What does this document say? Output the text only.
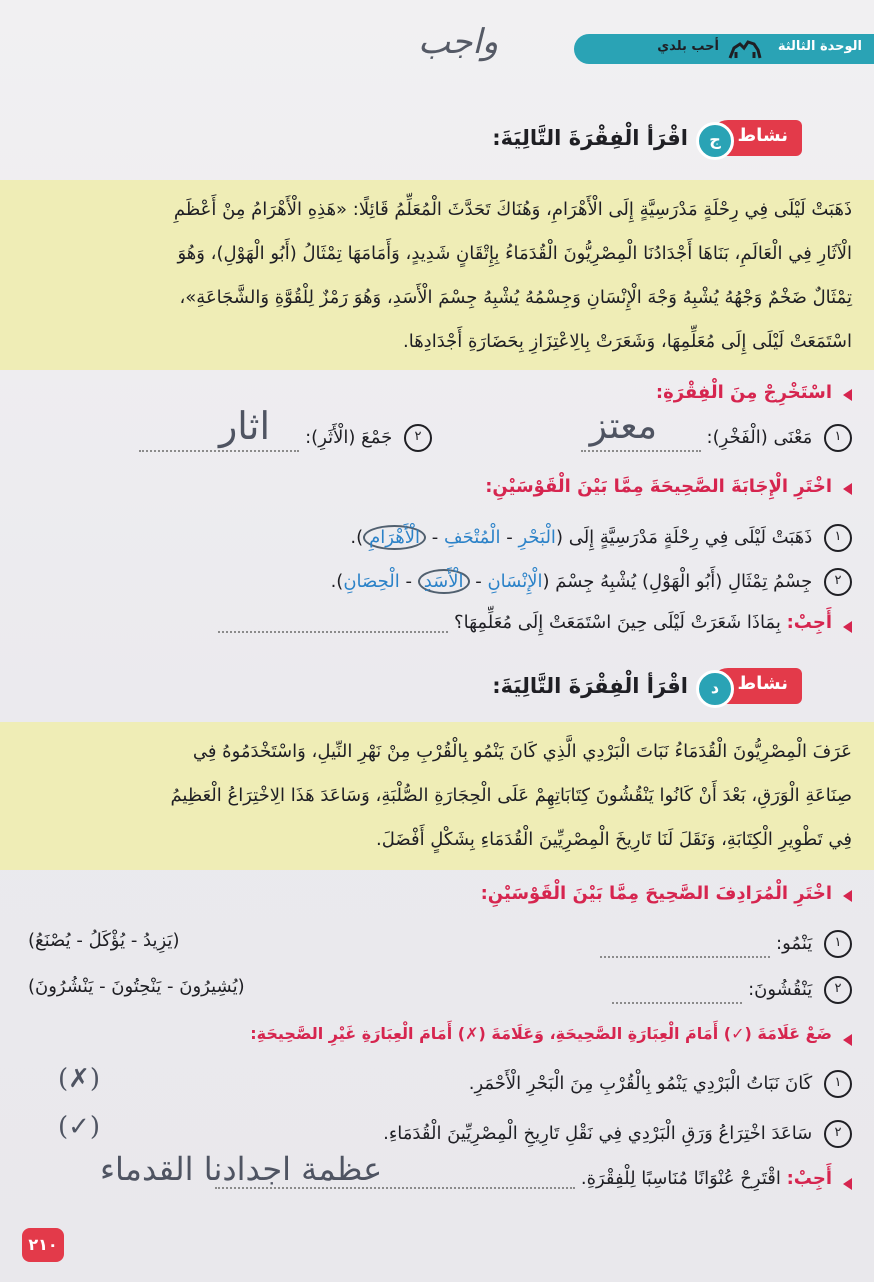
الوحدة الثالثة
أحب بلدي
واجب
نشاط
ج
اقْرَأ الْفِقْرَةَ التَّالِيَةَ:

ذَهَبَتْ لَيْلَى فِي رِحْلَةٍ مَدْرَسِيَّةٍ إِلَى الْأَهْرَامِ، وَهُنَاكَ تَحَدَّثَ الْمُعَلِّمُ قَائِلًا: «هَذِهِ الْأَهْرَامُ مِنْ أَعْظَمِ

الْآثَارِ فِي الْعَالَمِ، بَنَاهَا أَجْدَادُنَا الْمِصْرِيُّونَ الْقُدَمَاءُ بِإِتْقَانٍ شَدِيدٍ، وَأَمَامَهَا تِمْثَالُ (أَبُو الْهَوْلِ)، وَهُوَ

تِمْثَالٌ ضَخْمٌ وَجْهُهُ يُشْبِهُ وَجْهَ الْإِنْسَانِ وَجِسْمُهُ يُشْبِهُ جِسْمَ الْأَسَدِ، وَهُوَ رَمْزٌ لِلْقُوَّةِ وَالشَّجَاعَةِ»،

اسْتَمَعَتْ لَيْلَى إِلَى مُعَلِّمِهَا، وَشَعَرَتْ بِالِاعْتِزَازِ بِحَضَارَةِ أَجْدَادِهَا.

اسْتَخْرِجْ مِنَ الْفِقْرَةِ:
١ مَعْنَى (الْفَخْرِ):
معتز
٢ جَمْعَ (الْأَثَرِ):
اثار
اخْتَرِ الْإِجَابَةَ الصَّحِيحَةَ مِمَّا بَيْنَ الْقَوْسَيْنِ:
١ ذَهَبَتْ لَيْلَى فِي رِحْلَةٍ مَدْرَسِيَّةٍ إِلَى (الْبَحْرِ - الْمُتْحَفِ - الْأَهْرَامِ).
٢ جِسْمُ تِمْثَالِ (أَبُو الْهَوْلِ) يُشْبِهُ جِسْمَ (الْإِنْسَانِ - الْأَسَدِ - الْحِصَانِ).
أَجِبْ: بِمَاذَا شَعَرَتْ لَيْلَى حِينَ اسْتَمَعَتْ إِلَى مُعَلِّمِهَا؟
نشاط
د
اقْرَأ الْفِقْرَةَ التَّالِيَةَ:

عَرَفَ الْمِصْرِيُّونَ الْقُدَمَاءُ نَبَاتَ الْبَرْدِي الَّذِي كَانَ يَنْمُو بِالْقُرْبِ مِنْ نَهْرِ النِّيلِ، وَاسْتَخْدَمُوهُ فِي

صِنَاعَةِ الْوَرَقِ، بَعْدَ أَنْ كَانُوا يَنْقُشُونَ كِتَابَاتِهِمْ عَلَى الْحِجَارَةِ الصُّلْبَةِ، وَسَاعَدَ هَذَا الِاخْتِرَاعُ الْعَظِيمُ

فِي تَطْوِيرِ الْكِتَابَةِ، وَنَقَلَ لَنَا تَارِيخَ الْمِصْرِيِّينَ الْقُدَمَاءِ بِشَكْلٍ أَفْضَلَ.

اخْتَرِ الْمُرَادِفَ الصَّحِيحَ مِمَّا بَيْنَ الْقَوْسَيْنِ:
١ يَنْمُو:
(يَزِيدُ - يُؤْكَلُ - يُصْنَعُ)
٢ يَنْقُشُونَ:
(يُشِيرُونَ - يَنْحِتُونَ - يَنْشُرُونَ)
ضَعْ عَلَامَةَ (✓) أَمَامَ الْعِبَارَةِ الصَّحِيحَةِ، وَعَلَامَةَ (✗) أَمَامَ الْعِبَارَةِ غَيْرِ الصَّحِيحَةِ:
١ كَانَ نَبَاتُ الْبَرْدِي يَنْمُو بِالْقُرْبِ مِنَ الْبَحْرِ الْأَحْمَرِ.
(✗)
٢ سَاعَدَ اخْتِرَاعُ وَرَقِ الْبَرْدِي فِي نَقْلِ تَارِيخِ الْمِصْرِيِّينَ الْقُدَمَاءِ.
(✓)
أَجِبْ: اقْتَرِحْ عُنْوَانًا مُنَاسِبًا لِلْفِقْرَةِ.
عظمة اجدادنا القدماء
٢١٠
